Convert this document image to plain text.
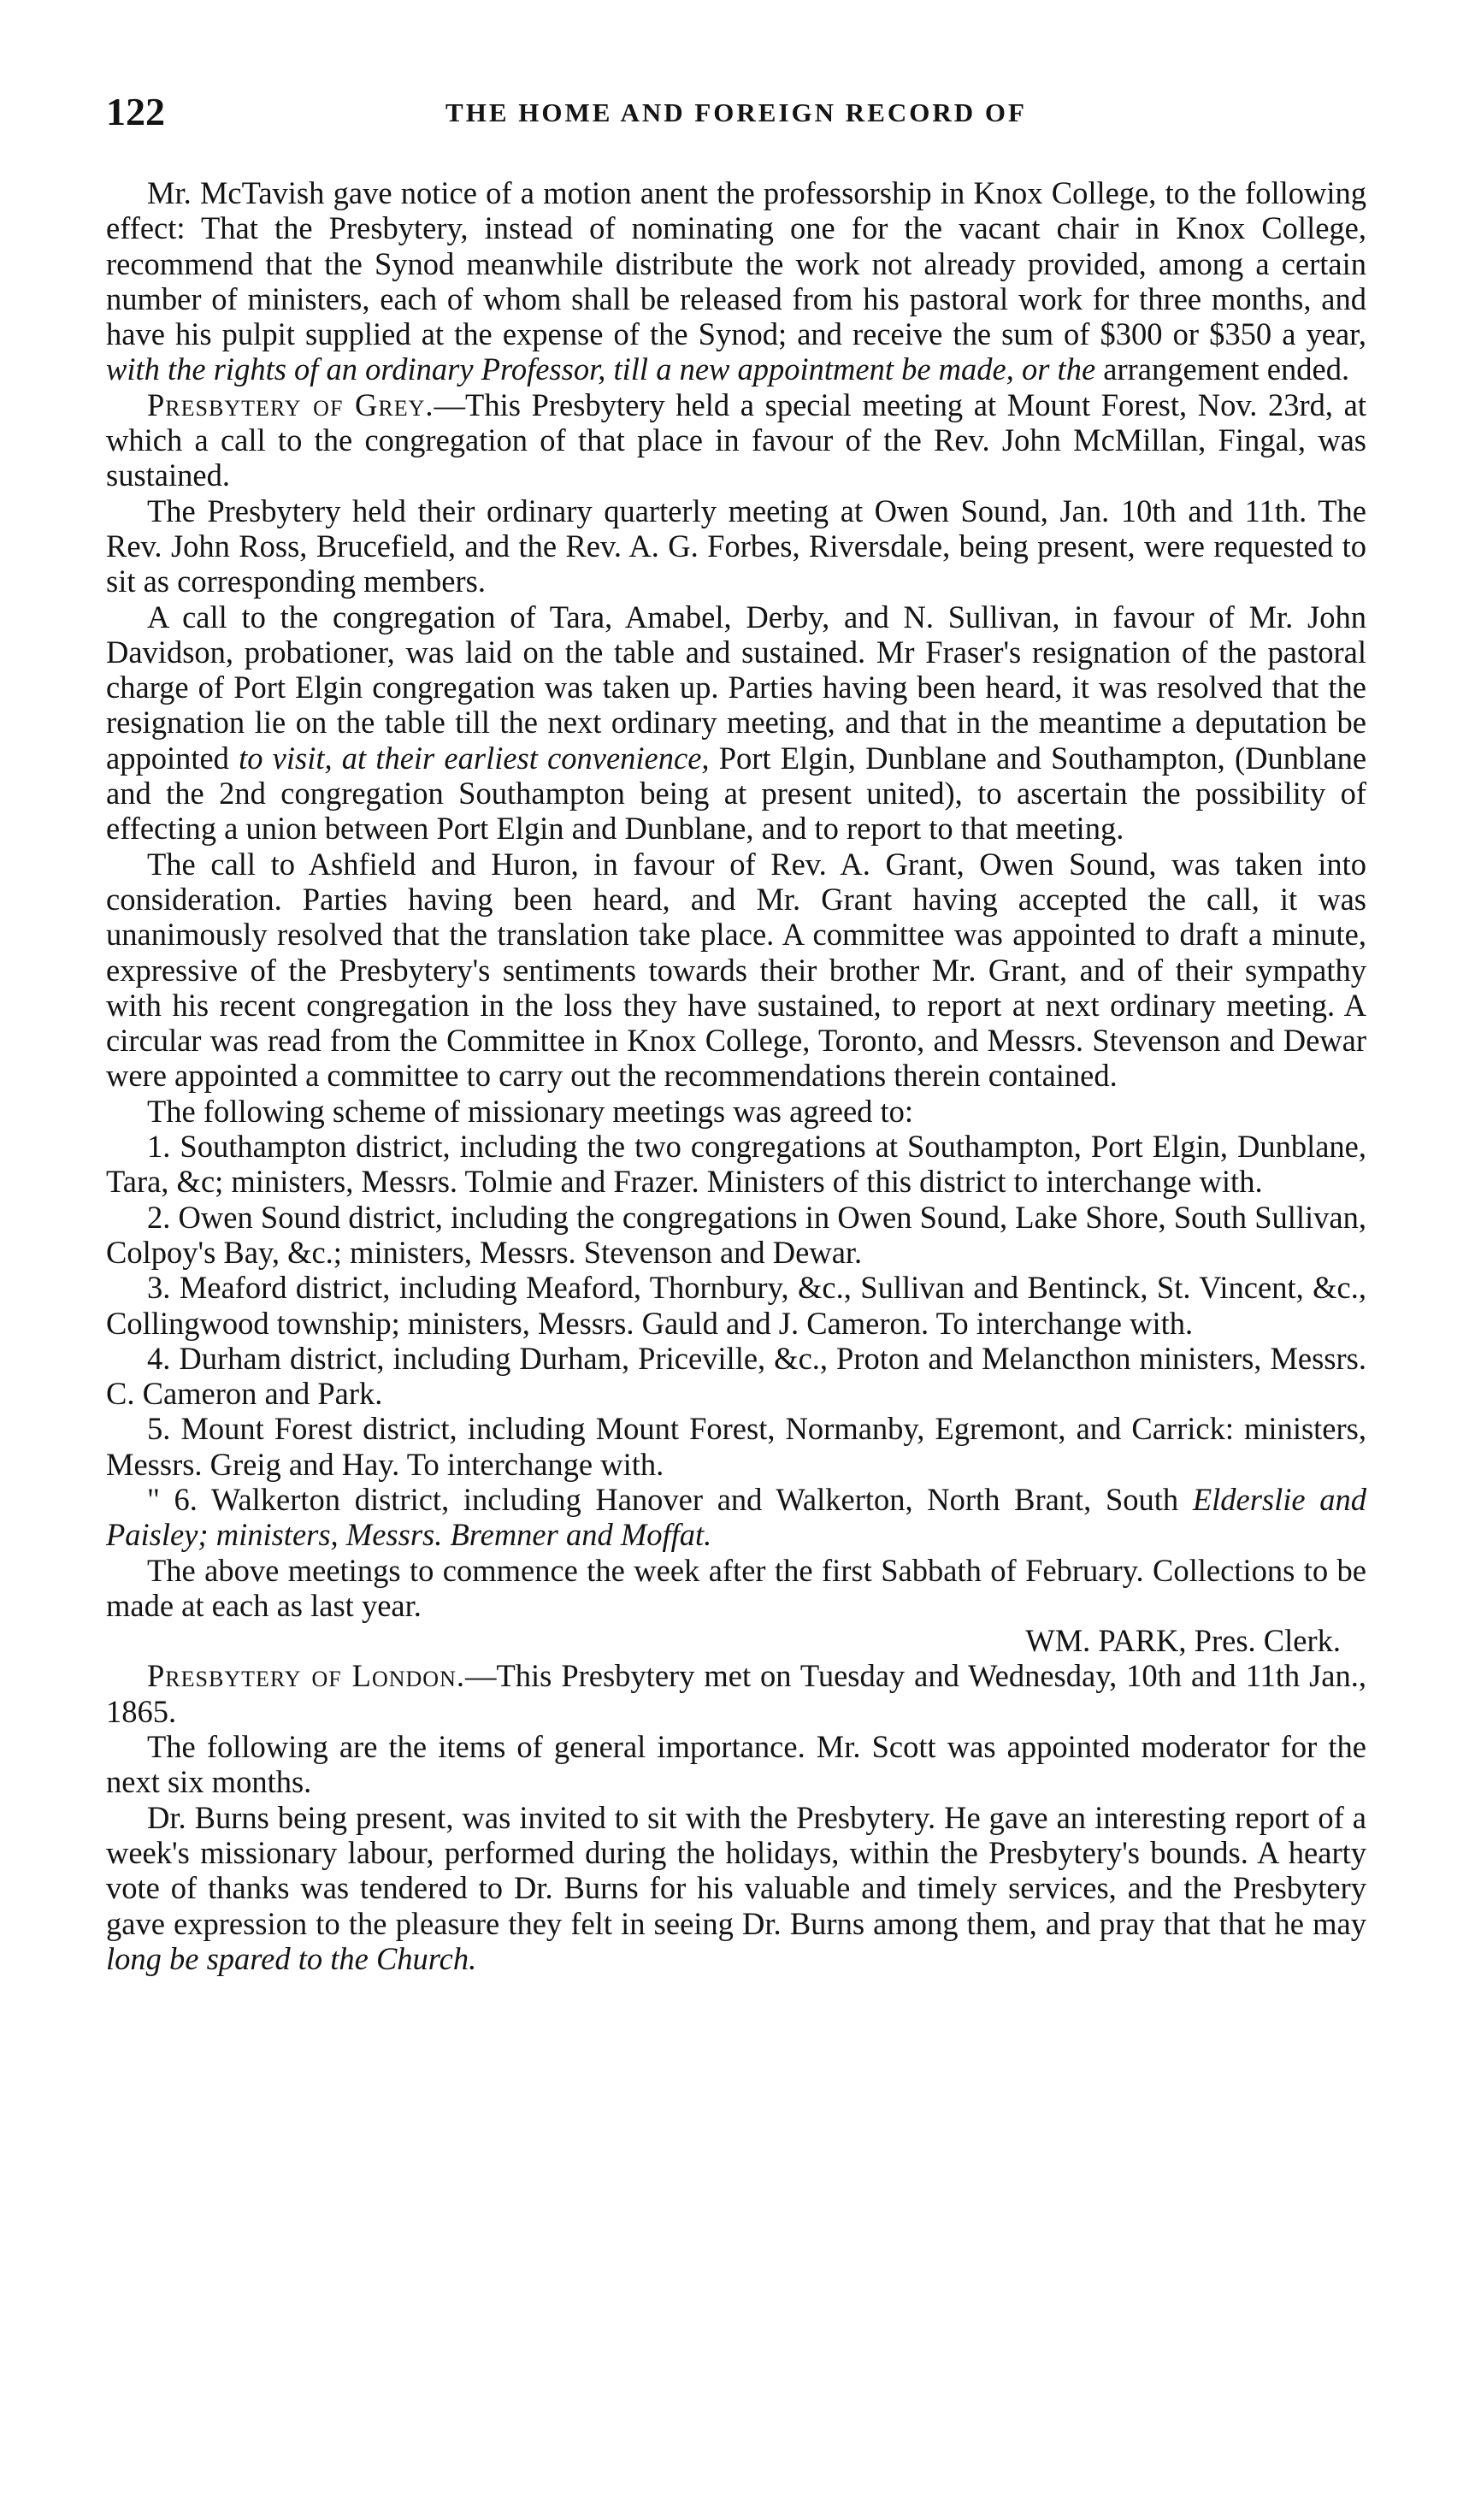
122	THE HOME AND FOREIGN RECORD OF

Mr. McTavish gave notice of a motion anent the professorship in Knox College, to the following effect: That the Presbytery, instead of nominating one for the vacant chair in Knox College, recommend that the Synod meanwhile distribute the work not already provided, among a certain number of ministers, each of whom shall be released from his pastoral work for three months, and have his pulpit supplied at the expense of the Synod; and receive the sum of $300 or $350 a year, with the rights of an ordinary Professor, till a new appointment be made, or the arrangement ended.

Presbytery of Grey.—This Presbytery held a special meeting at Mount Forest, Nov. 23rd, at which a call to the congregation of that place in favour of the Rev. John McMillan, Fingal, was sustained.

The Presbytery held their ordinary quarterly meeting at Owen Sound, Jan. 10th and 11th. The Rev. John Ross, Brucefield, and the Rev. A. G. Forbes, Riversdale, being present, were requested to sit as corresponding members.

A call to the congregation of Tara, Amabel, Derby, and N. Sullivan, in favour of Mr. John Davidson, probationer, was laid on the table and sustained. Mr Fraser's resignation of the pastoral charge of Port Elgin congregation was taken up. Parties having been heard, it was resolved that the resignation lie on the table till the next ordinary meeting, and that in the meantime a deputation be appointed to visit, at their earliest convenience, Port Elgin, Dunblane and Southampton, (Dunblane and the 2nd congregation Southampton being at present united), to ascertain the possibility of effecting a union between Port Elgin and Dunblane, and to report to that meeting.

The call to Ashfield and Huron, in favour of Rev. A. Grant, Owen Sound, was taken into consideration. Parties having been heard, and Mr. Grant having accepted the call, it was unanimously resolved that the translation take place. A committee was appointed to draft a minute, expressive of the Presbytery's sentiments towards their brother Mr. Grant, and of their sympathy with his recent congregation in the loss they have sustained, to report at next ordinary meeting. A circular was read from the Committee in Knox College, Toronto, and Messrs. Stevenson and Dewar were appointed a committee to carry out the recommendations therein contained.

The following scheme of missionary meetings was agreed to:

1. Southampton district, including the two congregations at Southampton, Port Elgin, Dunblane, Tara, &c; ministers, Messrs. Tolmie and Frazer. Ministers of this district to interchange with.

2. Owen Sound district, including the congregations in Owen Sound, Lake Shore, South Sullivan, Colpoy's Bay, &c.; ministers, Messrs. Stevenson and Dewar.

3. Meaford district, including Meaford, Thornbury, &c., Sullivan and Bentinck, St. Vincent, &c., Collingwood township; ministers, Messrs. Gauld and J. Cameron. To interchange with.

4. Durham district, including Durham, Priceville, &c., Proton and Melancthon ministers, Messrs. C. Cameron and Park.

5. Mount Forest district, including Mount Forest, Normanby, Egremont, and Carrick: ministers, Messrs. Greig and Hay. To interchange with.

" 6. Walkerton district, including Hanover and Walkerton, North Brant, South Elderslie and Paisley; ministers, Messrs. Bremner and Moffat.

The above meetings to commence the week after the first Sabbath of February. Collections to be made at each as last year.

WM. PARK, Pres. Clerk.

Presbytery of London.—This Presbytery met on Tuesday and Wednesday, 10th and 11th Jan., 1865.

The following are the items of general importance. Mr. Scott was appointed moderator for the next six months.

Dr. Burns being present, was invited to sit with the Presbytery. He gave an interesting report of a week's missionary labour, performed during the holidays, within the Presbytery's bounds. A hearty vote of thanks was tendered to Dr. Burns for his valuable and timely services, and the Presbytery gave expression to the pleasure they felt in seeing Dr. Burns among them, and pray that that he may long be spared to the Church.
